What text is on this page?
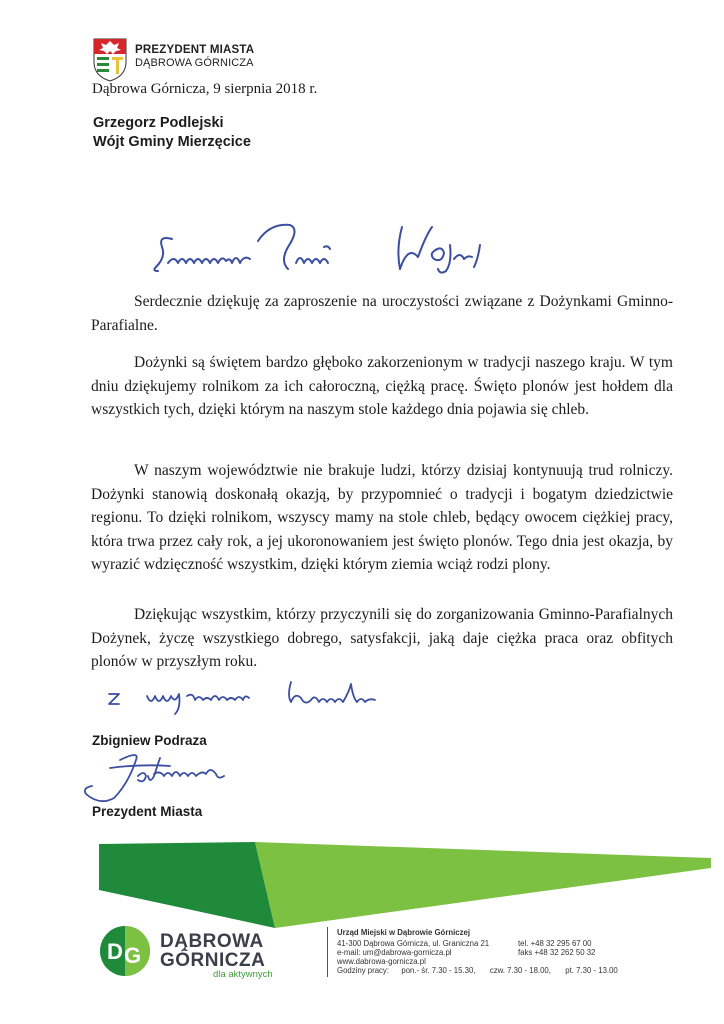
PREZYDENT MIASTA
DĄBROWA GÓRNICZA
Dąbrowa Górnicza, 9 sierpnia 2018 r.
Grzegorz Podlejski
Wójt Gminy Mierzęcice
Serdecznie dziękuję za zaproszenie na uroczystości związane z Dożynkami Gminno-Parafialne.
Dożynki są świętem bardzo głęboko zakorzenionym w tradycji naszego kraju. W tym dniu dziękujemy rolnikom za ich całoroczną, ciężką pracę. Święto plonów jest hołdem dla wszystkich tych, dzięki którym na naszym stole każdego dnia pojawia się chleb.
W naszym województwie nie brakuje ludzi, którzy dzisiaj kontynuują trud rolniczy. Dożynki stanowią doskonałą okazją, by przypomnieć o tradycji i bogatym dziedzictwie regionu. To dzięki rolnikom, wszyscy mamy na stole chleb, będący owocem ciężkiej pracy, która trwa przez cały rok, a jej ukoronowaniem jest święto plonów. Tego dnia jest okazja, by wyrazić wdzięczność wszystkim, dzięki którym ziemia wciąż rodzi plony.
Dziękując wszystkim, którzy przyczynili się do zorganizowania Gminno-Parafialnych Dożynek, życzę wszystkiego dobrego, satysfakcji, jaką daje ciężka praca oraz obfitych plonów w przyszłym roku.
Zbigniew Podraza
Prezydent Miasta
D G
DĄBROWA
GÓRNICZA
dla aktywnych
Urząd Miejski w Dąbrowie Górniczej
41-300 Dąbrowa Górnicza, ul. Graniczna 21
e-mail: um@dabrowa-gornicza.pl
www.dabrowa-gornicza.pl
Godziny pracy: pon.- śr. 7.30 - 15.30, czw. 7.30 - 18.00, pt. 7.30 - 13.00
tel. +48 32 295 67 00
faks +48 32 262 50 32
